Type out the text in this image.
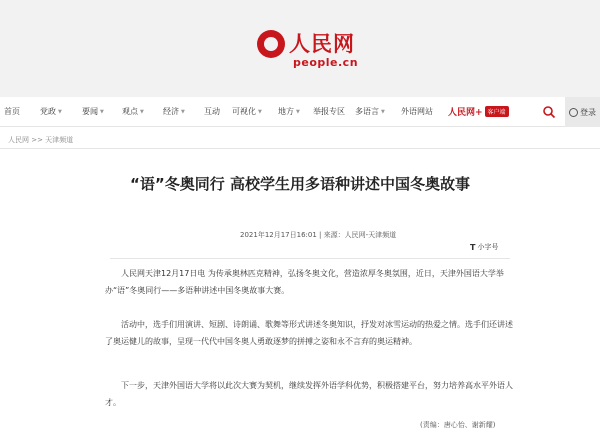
人民网
people.cn
外语网站
多语言 ▼
举报专区
地方 ▼
可视化 ▼
互动
经济 ▼
观点 ▼
要闻 ▼
党政 ▼
首页	人民网+ 客户端	登录
人民网 >> 天津频道
“语”冬奥同行 高校学生用多语种讲述中国冬奥故事
2021年12月17日16:01 | 来源：人民网-天津频道
T 小字号

人民网天津12月17日电 为传承奥林匹克精神，弘扬冬奥文化，营造浓厚冬奥氛围，近日，天津外国语大学举办“语”冬奥同行——多语种讲述中国冬奥故事大赛。

活动中，选手们用演讲、短剧、诗朗诵、歌舞等形式讲述冬奥知识，抒发对冰雪运动的热爱之情。选手们还讲述了奥运健儿的故事，呈现一代代中国冬奥人勇敢逐梦的拼搏之姿和永不言弃的奥运精神。

下一步，天津外国语大学将以此次大赛为契机，继续发挥外语学科优势，积极搭建平台，努力培养高水平外语人才。

(责编：唐心怡、谢新耀)
